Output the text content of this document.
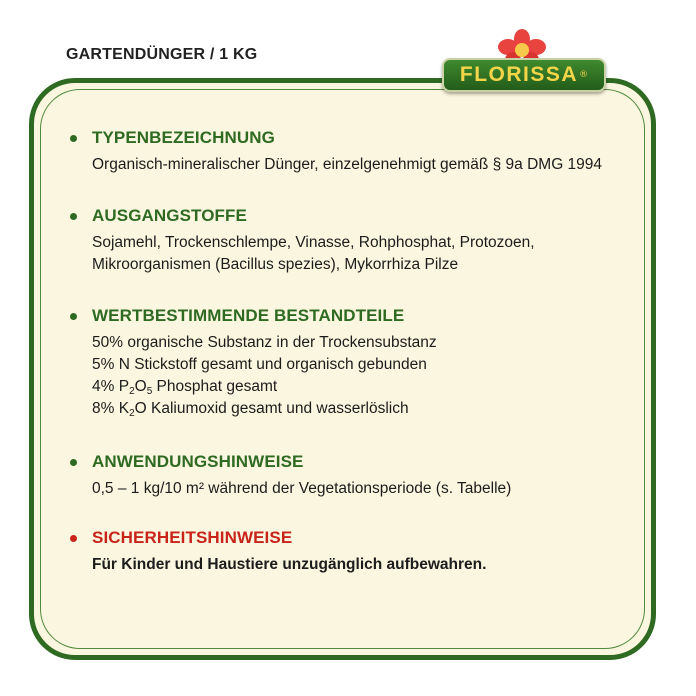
GARTENDÜNGER / 1 KG
FLORISSA ®
TYPENBEZEICHNUNG
Organisch-mineralischer Dünger, einzelgenehmigt gemäß § 9a DMG 1994
AUSGANGSTOFFE
Sojamehl, Trockenschlempe, Vinasse, Rohphosphat, Protozoen,
Mikroorganismen (Bacillus spezies), Mykorrhiza Pilze
WERTBESTIMMENDE BESTANDTEILE
50% organische Substanz in der Trockensubstanz
5% N Stickstoff gesamt und organisch gebunden
4% $P_2O_5$ Phosphat gesamt
8% $K_2O$ Kaliumoxid gesamt und wasserlöslich
ANWENDUNGSHINWEISE
0,5 – 1 kg/10 m² während der Vegetationsperiode (s. Tabelle)
SICHERHEITSHINWEISE
Für Kinder und Haustiere unzugänglich aufbewahren.
